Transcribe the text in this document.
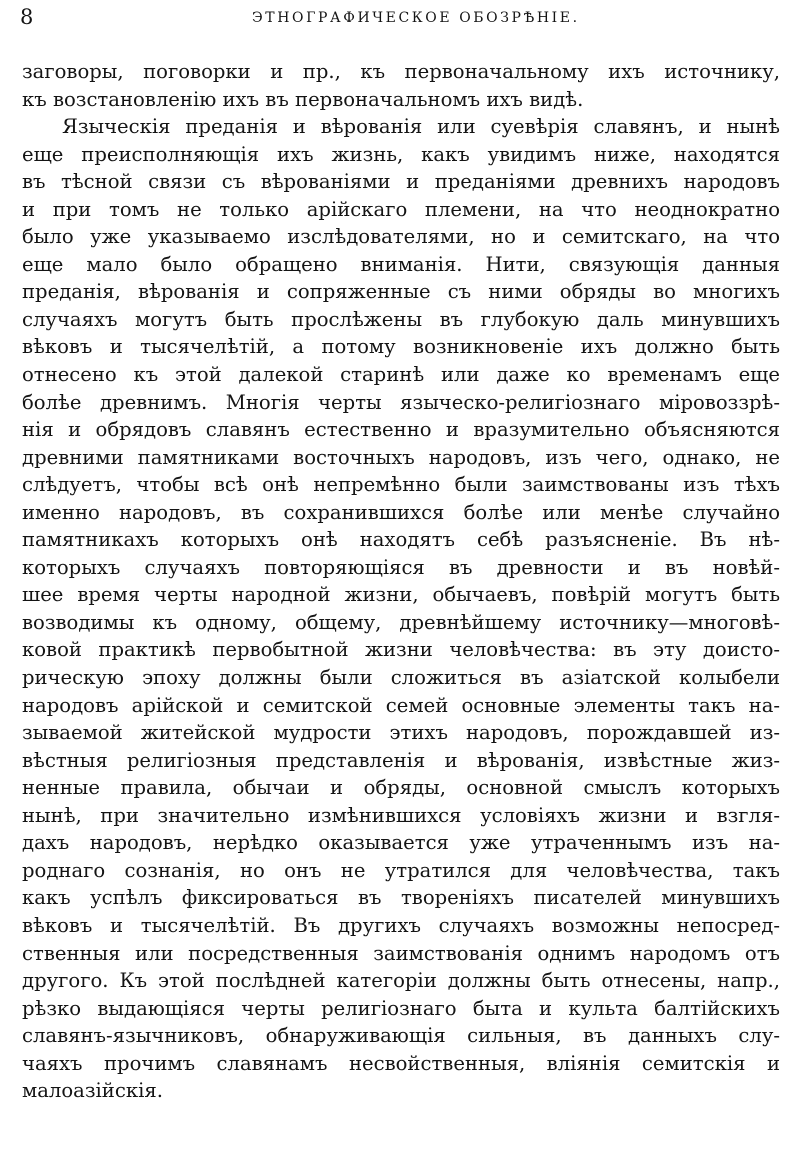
8	ЭТНОГРАФИЧЕСКОЕ ОБОЗРѢНІЕ.
заговоры, поговорки и пр., къ первоначальному ихъ источнику,
къ возстановленію ихъ въ первоначальномъ ихъ видѣ.
Языческія преданія и вѣрованія или суевѣрія славянъ, и нынѣ
еще преисполняющія ихъ жизнь, какъ увидимъ ниже, находятся
въ тѣсной связи съ вѣрованіями и преданіями древнихъ народовъ
и при томъ не только арійскаго племени, на что неоднократно
было уже указываемо изслѣдователями, но и семитскаго, на что
еще мало было обращено вниманія. Нити, связующія данныя
преданія, вѣрованія и сопряженные съ ними обряды во многихъ
случаяхъ могутъ быть прослѣжены въ глубокую даль минувшихъ
вѣковъ и тысячелѣтій, а потому возникновеніе ихъ должно быть
отнесено къ этой далекой старинѣ или даже ко временамъ еще
болѣе древнимъ. Многія черты языческо-религіознаго міровоззрѣ-
нія и обрядовъ славянъ естественно и вразумительно объясняются
древними памятниками восточныхъ народовъ, изъ чего, однако, не
слѣдуетъ, чтобы всѣ онѣ непремѣнно были заимствованы изъ тѣхъ
именно народовъ, въ сохранившихся болѣе или менѣе случайно
памятникахъ которыхъ онѣ находятъ себѣ разъясненіе. Въ нѣ-
которыхъ случаяхъ повторяющіяся въ древности и въ новѣй-
шее время черты народной жизни, обычаевъ, повѣрій могутъ быть
возводимы къ одному, общему, древнѣйшему источнику—многовѣ-
ковой практикѣ первобытной жизни человѣчества: въ эту доисто-
рическую эпоху должны были сложиться въ азіатской колыбели
народовъ арійской и семитской семей основные элементы такъ на-
зываемой житейской мудрости этихъ народовъ, порождавшей из-
вѣстныя религіозныя представленія и вѣрованія, извѣстные жиз-
ненные правила, обычаи и обряды, основной смыслъ которыхъ
нынѣ, при значительно измѣнившихся условіяхъ жизни и взгля-
дахъ народовъ, нерѣдко оказывается уже утраченнымъ изъ на-
роднаго сознанія, но онъ не утратился для человѣчества, такъ
какъ успѣлъ фиксироваться въ твореніяхъ писателей минувшихъ
вѣковъ и тысячелѣтій. Въ другихъ случаяхъ возможны непосред-
ственныя или посредственныя заимствованія однимъ народомъ отъ
другого. Къ этой послѣдней категоріи должны быть отнесены, напр.,
рѣзко выдающіяся черты религіознаго быта и культа балтійскихъ
славянъ-язычниковъ, обнаруживающія сильныя, въ данныхъ слу-
чаяхъ прочимъ славянамъ несвойственныя, вліянія семитскія и
малоазійскія.
